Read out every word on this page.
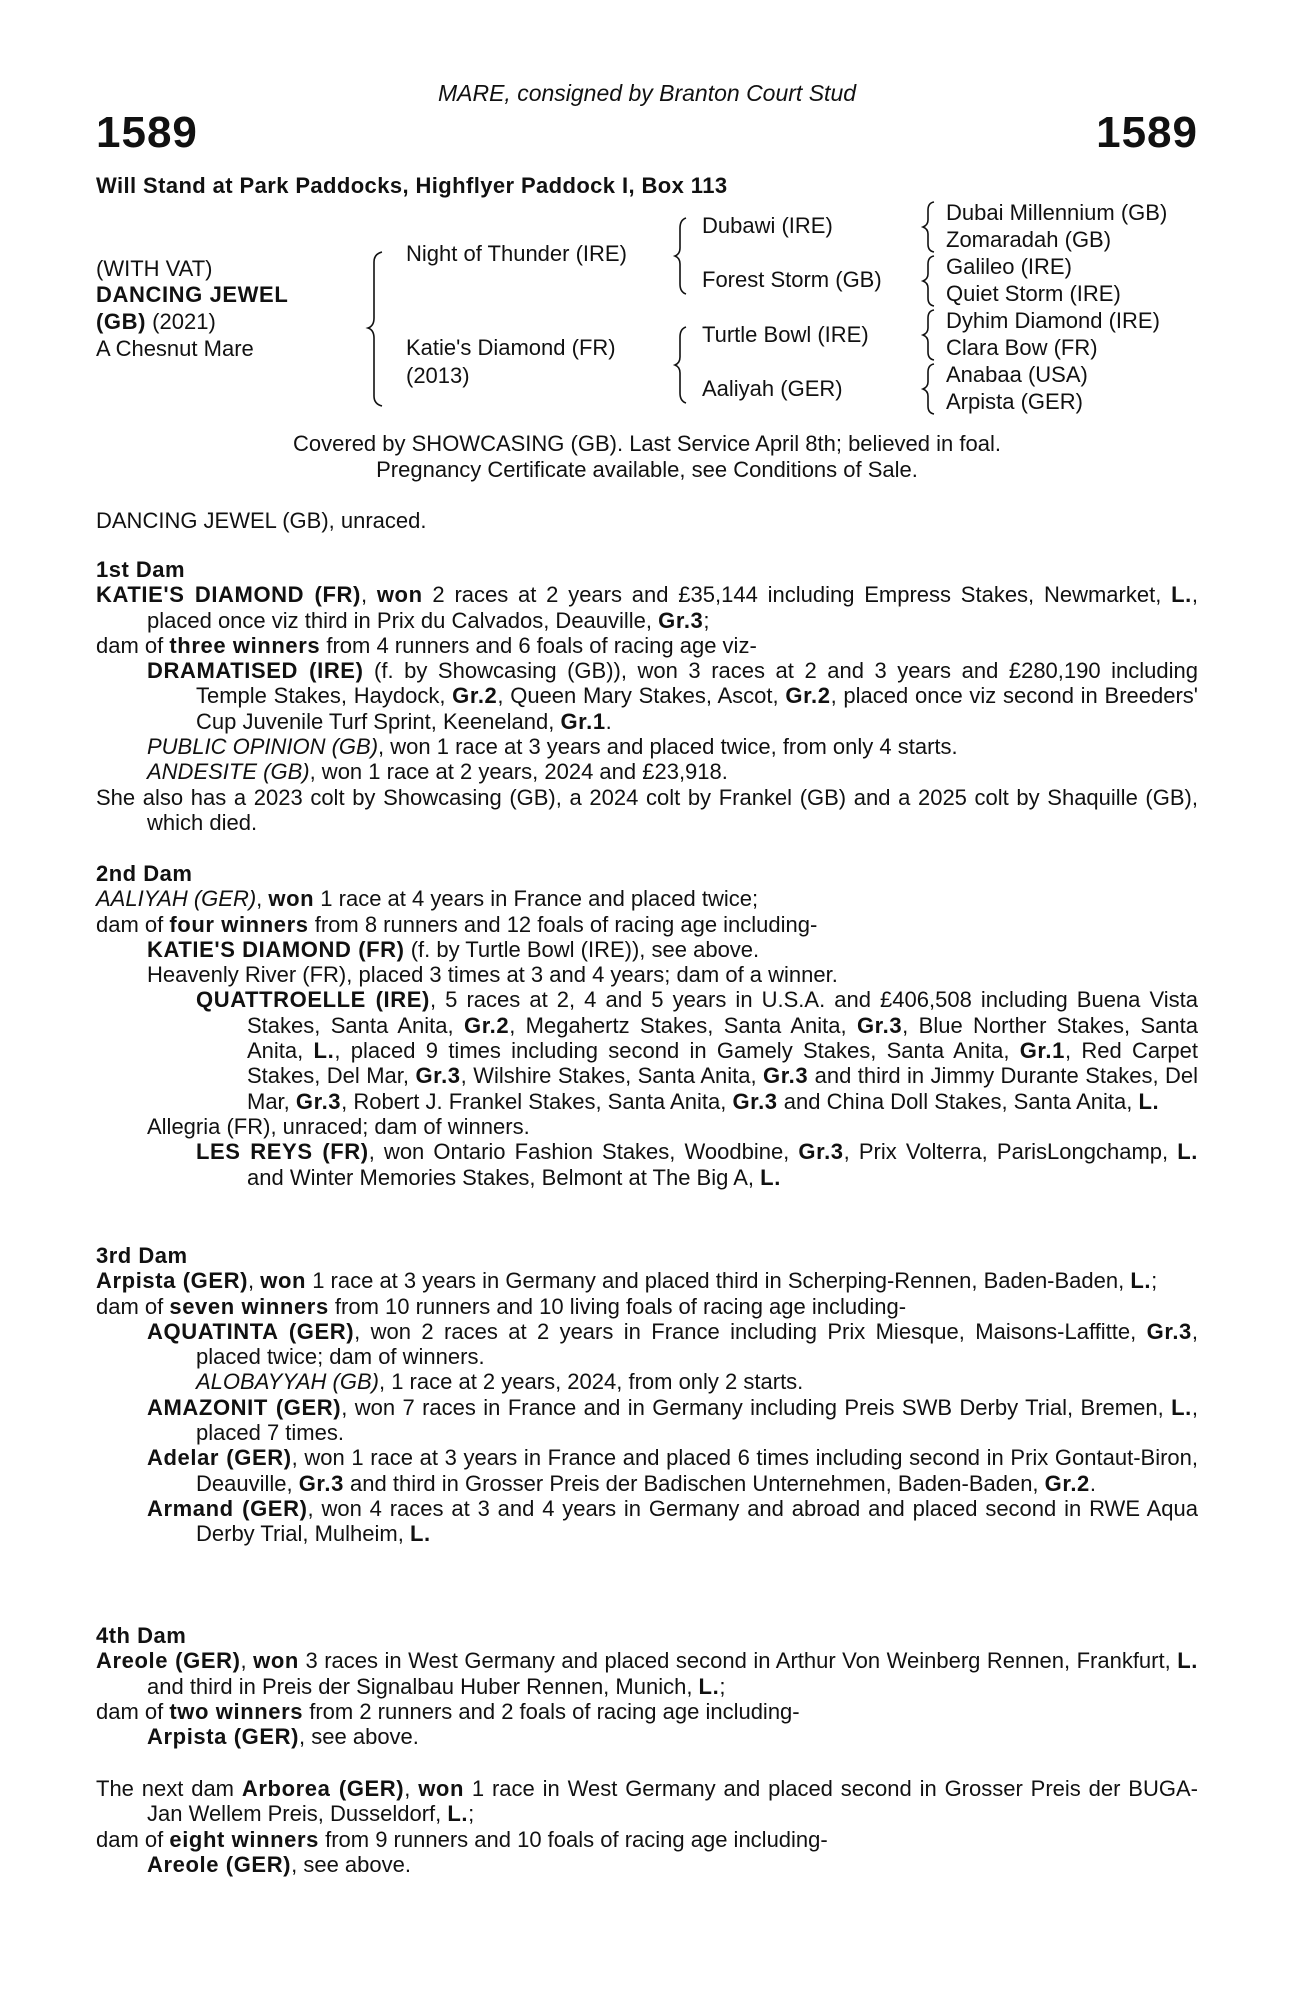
MARE, consigned by Branton Court Stud
1589	1589
Will Stand at Park Paddocks, Highflyer Paddock I, Box 113
(WITH VAT)
DANCING JEWEL
(GB) (2021)
A Chesnut Mare
Night of Thunder (IRE)
Katie's Diamond (FR)
(2013)
Dubawi (IRE)
Forest Storm (GB)
Turtle Bowl (IRE)
Aaliyah (GER)
Dubai Millennium (GB)
Zomaradah (GB)
Galileo (IRE)
Quiet Storm (IRE)
Dyhim Diamond (IRE)
Clara Bow (FR)
Anabaa (USA)
Arpista (GER)
Covered by SHOWCASING (GB). Last Service April 8th; believed in foal.
Pregnancy Certificate available, see Conditions of Sale.
DANCING JEWEL (GB), unraced.
1st Dam
KATIE'S DIAMOND (FR), won 2 races at 2 years and £35,144 including Empress Stakes, Newmarket, L., placed once viz third in Prix du Calvados, Deauville, Gr.3;
dam of three winners from 4 runners and 6 foals of racing age viz-
DRAMATISED (IRE) (f. by Showcasing (GB)), won 3 races at 2 and 3 years and £280,190 including Temple Stakes, Haydock, Gr.2, Queen Mary Stakes, Ascot, Gr.2, placed once viz second in Breeders' Cup Juvenile Turf Sprint, Keeneland, Gr.1.
PUBLIC OPINION (GB), won 1 race at 3 years and placed twice, from only 4 starts.
ANDESITE (GB), won 1 race at 2 years, 2024 and £23,918.
She also has a 2023 colt by Showcasing (GB), a 2024 colt by Frankel (GB) and a 2025 colt by Shaquille (GB), which died.
2nd Dam
AALIYAH (GER), won 1 race at 4 years in France and placed twice;
dam of four winners from 8 runners and 12 foals of racing age including-
KATIE'S DIAMOND (FR) (f. by Turtle Bowl (IRE)), see above.
Heavenly River (FR), placed 3 times at 3 and 4 years; dam of a winner.
QUATTROELLE (IRE), 5 races at 2, 4 and 5 years in U.S.A. and £406,508 including Buena Vista Stakes, Santa Anita, Gr.2, Megahertz Stakes, Santa Anita, Gr.3, Blue Norther Stakes, Santa Anita, L., placed 9 times including second in Gamely Stakes, Santa Anita, Gr.1, Red Carpet Stakes, Del Mar, Gr.3, Wilshire Stakes, Santa Anita, Gr.3 and third in Jimmy Durante Stakes, Del Mar, Gr.3, Robert J. Frankel Stakes, Santa Anita, Gr.3 and China Doll Stakes, Santa Anita, L.
Allegria (FR), unraced; dam of winners.
LES REYS (FR), won Ontario Fashion Stakes, Woodbine, Gr.3, Prix Volterra, ParisLongchamp, L. and Winter Memories Stakes, Belmont at The Big A, L.
3rd Dam
Arpista (GER), won 1 race at 3 years in Germany and placed third in Scherping-Rennen, Baden-Baden, L.;
dam of seven winners from 10 runners and 10 living foals of racing age including-
AQUATINTA (GER), won 2 races at 2 years in France including Prix Miesque, Maisons-Laffitte, Gr.3, placed twice; dam of winners.
ALOBAYYAH (GB), 1 race at 2 years, 2024, from only 2 starts.
AMAZONIT (GER), won 7 races in France and in Germany including Preis SWB Derby Trial, Bremen, L., placed 7 times.
Adelar (GER), won 1 race at 3 years in France and placed 6 times including second in Prix Gontaut-Biron, Deauville, Gr.3 and third in Grosser Preis der Badischen Unternehmen, Baden-Baden, Gr.2.
Armand (GER), won 4 races at 3 and 4 years in Germany and abroad and placed second in RWE Aqua Derby Trial, Mulheim, L.
4th Dam
Areole (GER), won 3 races in West Germany and placed second in Arthur Von Weinberg Rennen, Frankfurt, L. and third in Preis der Signalbau Huber Rennen, Munich, L.;
dam of two winners from 2 runners and 2 foals of racing age including-
Arpista (GER), see above.
The next dam Arborea (GER), won 1 race in West Germany and placed second in Grosser Preis der BUGA-Jan Wellem Preis, Dusseldorf, L.;
dam of eight winners from 9 runners and 10 foals of racing age including-
Areole (GER), see above.
